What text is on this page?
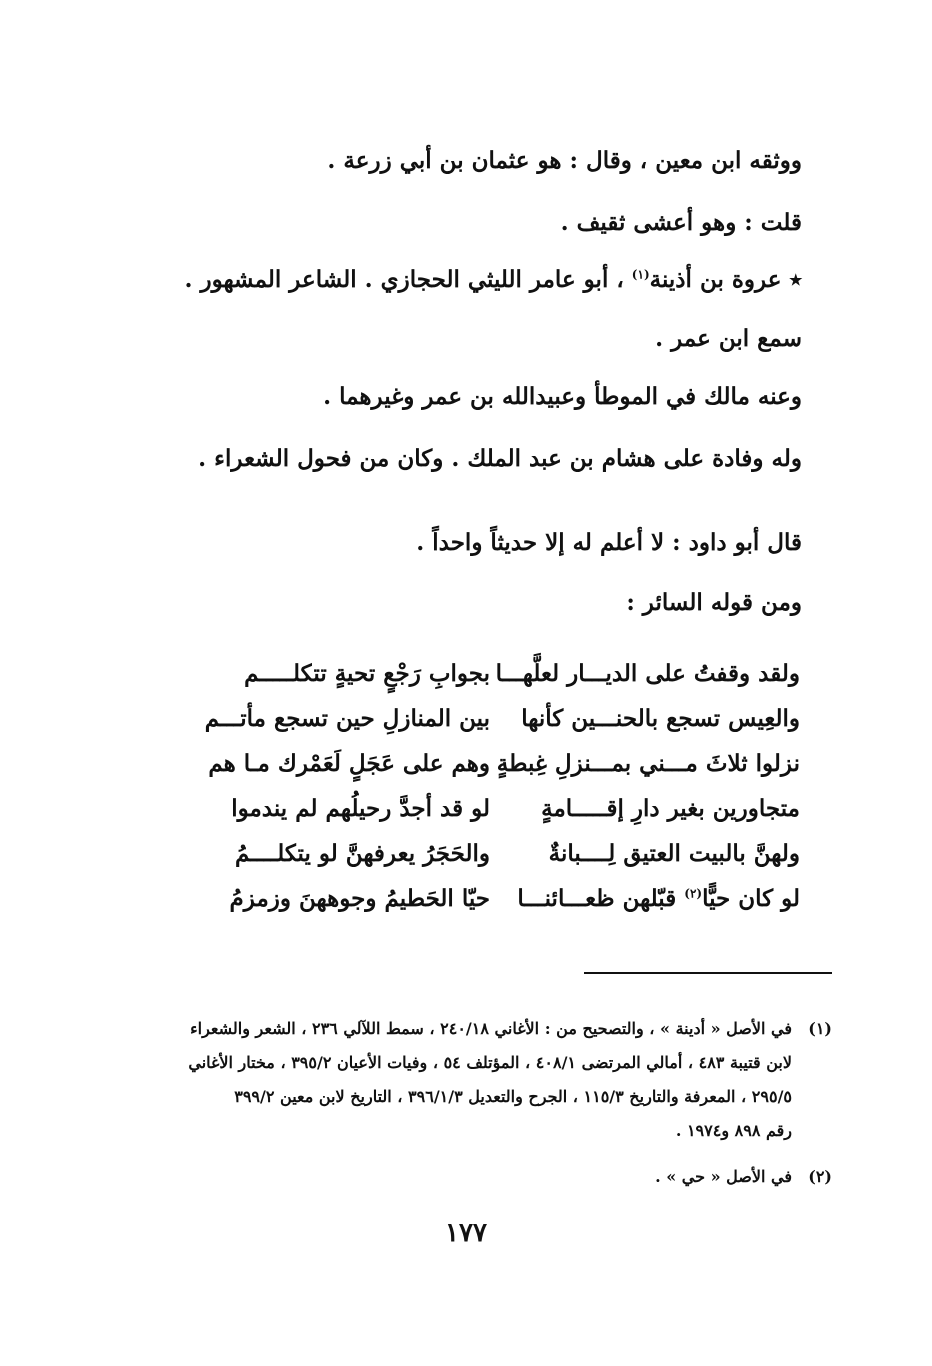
ووثقه ابن معين ، وقال : هو عثمان بن أبي زرعة .
قلت : وهو أعشى ثقيف .
٭ عروة بن أذينة$^{(١)}$ ، أبو عامر الليثي الحجازي . الشاعر المشهور .
سمع ابن عمر .
وعنه مالك في الموطأ وعبيدالله بن عمر وغيرهما .
وله وفادة على هشام بن عبد الملك . وكان من فحول الشعراء .
قال أبو داود : لا أعلم له إلا حديثاً واحداً .
ومن قوله السائر :
ولقد وقفتُ على الديـــار لعلَّهـــا
بجوابِ رَجْعٍ تحيةٍ تتكلـــــم
والعِيس تسجع بالحنـــين كأنها
بين المنازلِ حين تسجع مأتـــم
نزلوا ثلاثَ مـــني بمـــنزلِ غِبطةٍ
وهم على عَجَلٍ لَعَمْرك مـا هم
متجاورين بغير دارِ إقـــــامةٍ
لو قد أجدَّ رحيلُهم لم يندموا
ولهنَّ بالبيت العتيق لِــــبانةٌ
والحَجَرُ يعرفهنَّ لو يتكلــــمُ
لو كان حيًّا$^{(٢)}$ قبّلهن ظعـــائنـــا
حيّا الحَطيمُ وجوههنَ وزمزمُ
(١)
في الأصل « أدينة » ، والتصحيح من : الأغاني ٢٤٠/١٨ ، سمط اللآلي ٢٣٦ ، الشعر والشعراء
لابن قتيبة ٤٨٣ ، أمالي المرتضى ٤٠٨/١ ، المؤتلف ٥٤ ، وفيات الأعيان ٣٩٥/٢ ، مختار الأغاني
٢٩٥/٥ ، المعرفة والتاريخ ١١٥/٣ ، الجرح والتعديل ٣٩٦/١/٣ ، التاريخ لابن معين ٣٩٩/٢
رقم ٨٩٨ و١٩٧٤ .
(٢)
في الأصل « حي » .
١٧٧
